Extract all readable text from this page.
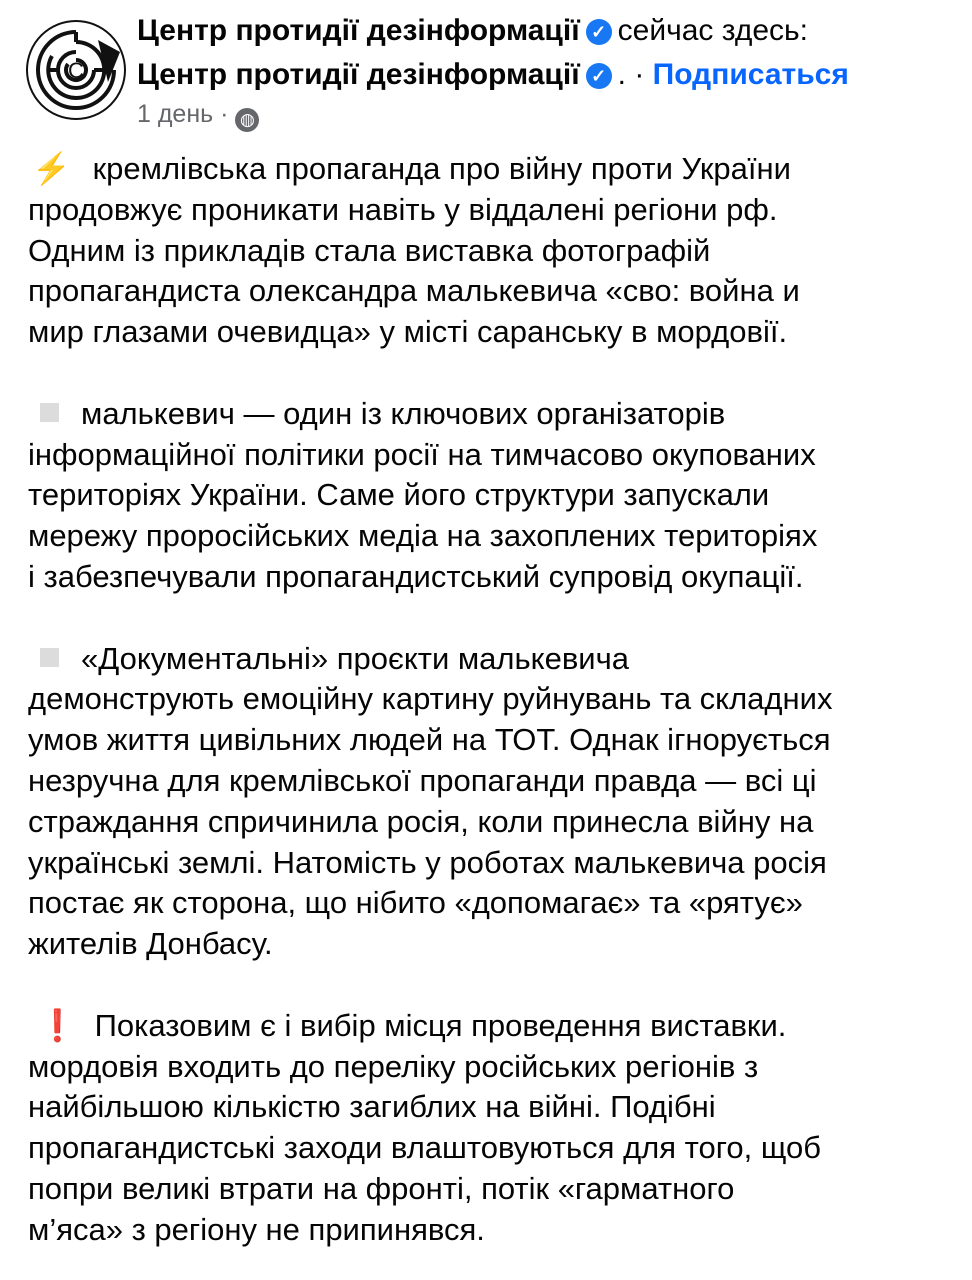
C
Центр протидії дезінформації ✓ сейчас здесь:
Центр протидії дезінформації ✓ . · Подписаться
1 день · ◍
⚡ кремлівська пропаганда про війну проти України
продовжує проникати навіть у віддалені регіони рф.
Одним із прикладів стала виставка фотографій
пропагандиста олександра малькевича «сво: война и
мир глазами очевидца» у місті саранську в мордовії.
малькевич — один із ключових організаторів
інформаційної політики росії на тимчасово окупованих
територіях України. Саме його структури запускали
мережу проросійських медіа на захоплених територіях
і забезпечували пропагандистський супровід окупації.
«Документальні» проєкти малькевича
демонструють емоційну картину руйнувань та складних
умов життя цивільних людей на ТОТ. Однак ігнорується
незручна для кремлівської пропаганди правда — всі ці
страждання спричинила росія, коли принесла війну на
українські землі. Натомість у роботах малькевича росія
постає як сторона, що нібито «допомагає» та «рятує»
жителів Донбасу.
❗ Показовим є і вибір місця проведення виставки.
мордовія входить до переліку російських регіонів з
найбільшою кількістю загиблих на війні. Подібні
пропагандистські заходи влаштовуються для того, щоб
попри великі втрати на фронті, потік «гарматного
м’яса» з регіону не припинявся.
